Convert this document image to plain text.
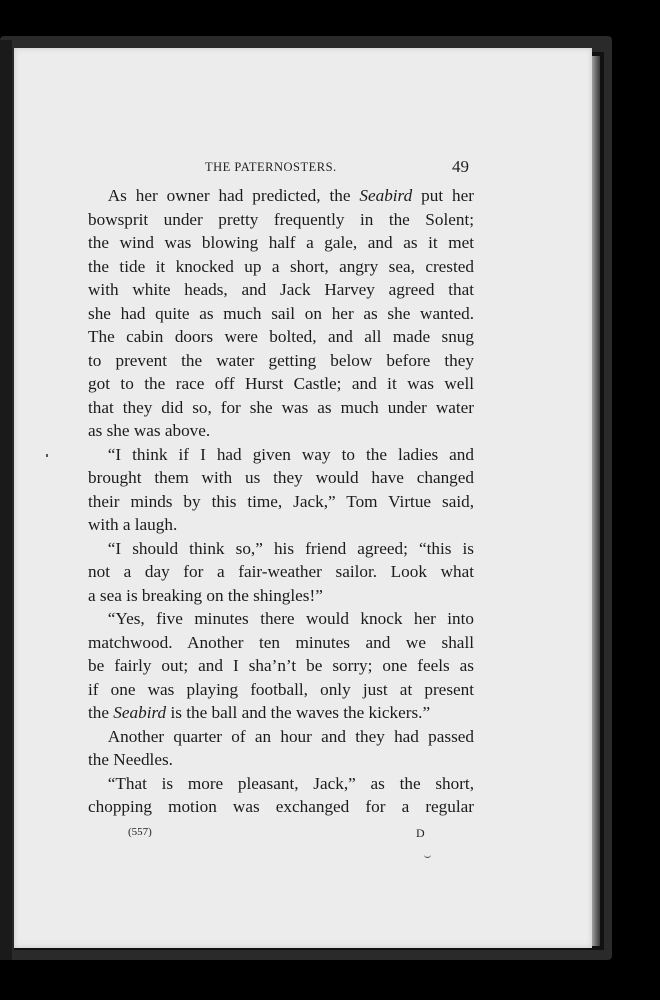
THE PATERNOSTERS.	49

As her owner had predicted, the Seabird put her
bowsprit under pretty frequently in the Solent;
the wind was blowing half a gale, and as it met
the tide it knocked up a short, angry sea, crested
with white heads, and Jack Harvey agreed that
she had quite as much sail on her as she wanted.
The cabin doors were bolted, and all made snug
to prevent the water getting below before they
got to the race off Hurst Castle; and it was well
that they did so, for she was as much under water
as she was above.

“I think if I had given way to the ladies and
brought them with us they would have changed
their minds by this time, Jack,” Tom Virtue said,
with a laugh.

“I should think so,” his friend agreed; “this is
not a day for a fair-weather sailor. Look what
a sea is breaking on the shingles!”

“Yes, five minutes there would knock her into
matchwood. Another ten minutes and we shall
be fairly out; and I sha’n’t be sorry; one feels as
if one was playing football, only just at present
the Seabird is the ball and the waves the kickers.”

Another quarter of an hour and they had passed
the Needles.

“That is more pleasant, Jack,” as the short,
chopping motion was exchanged for a regular

(557)	D
